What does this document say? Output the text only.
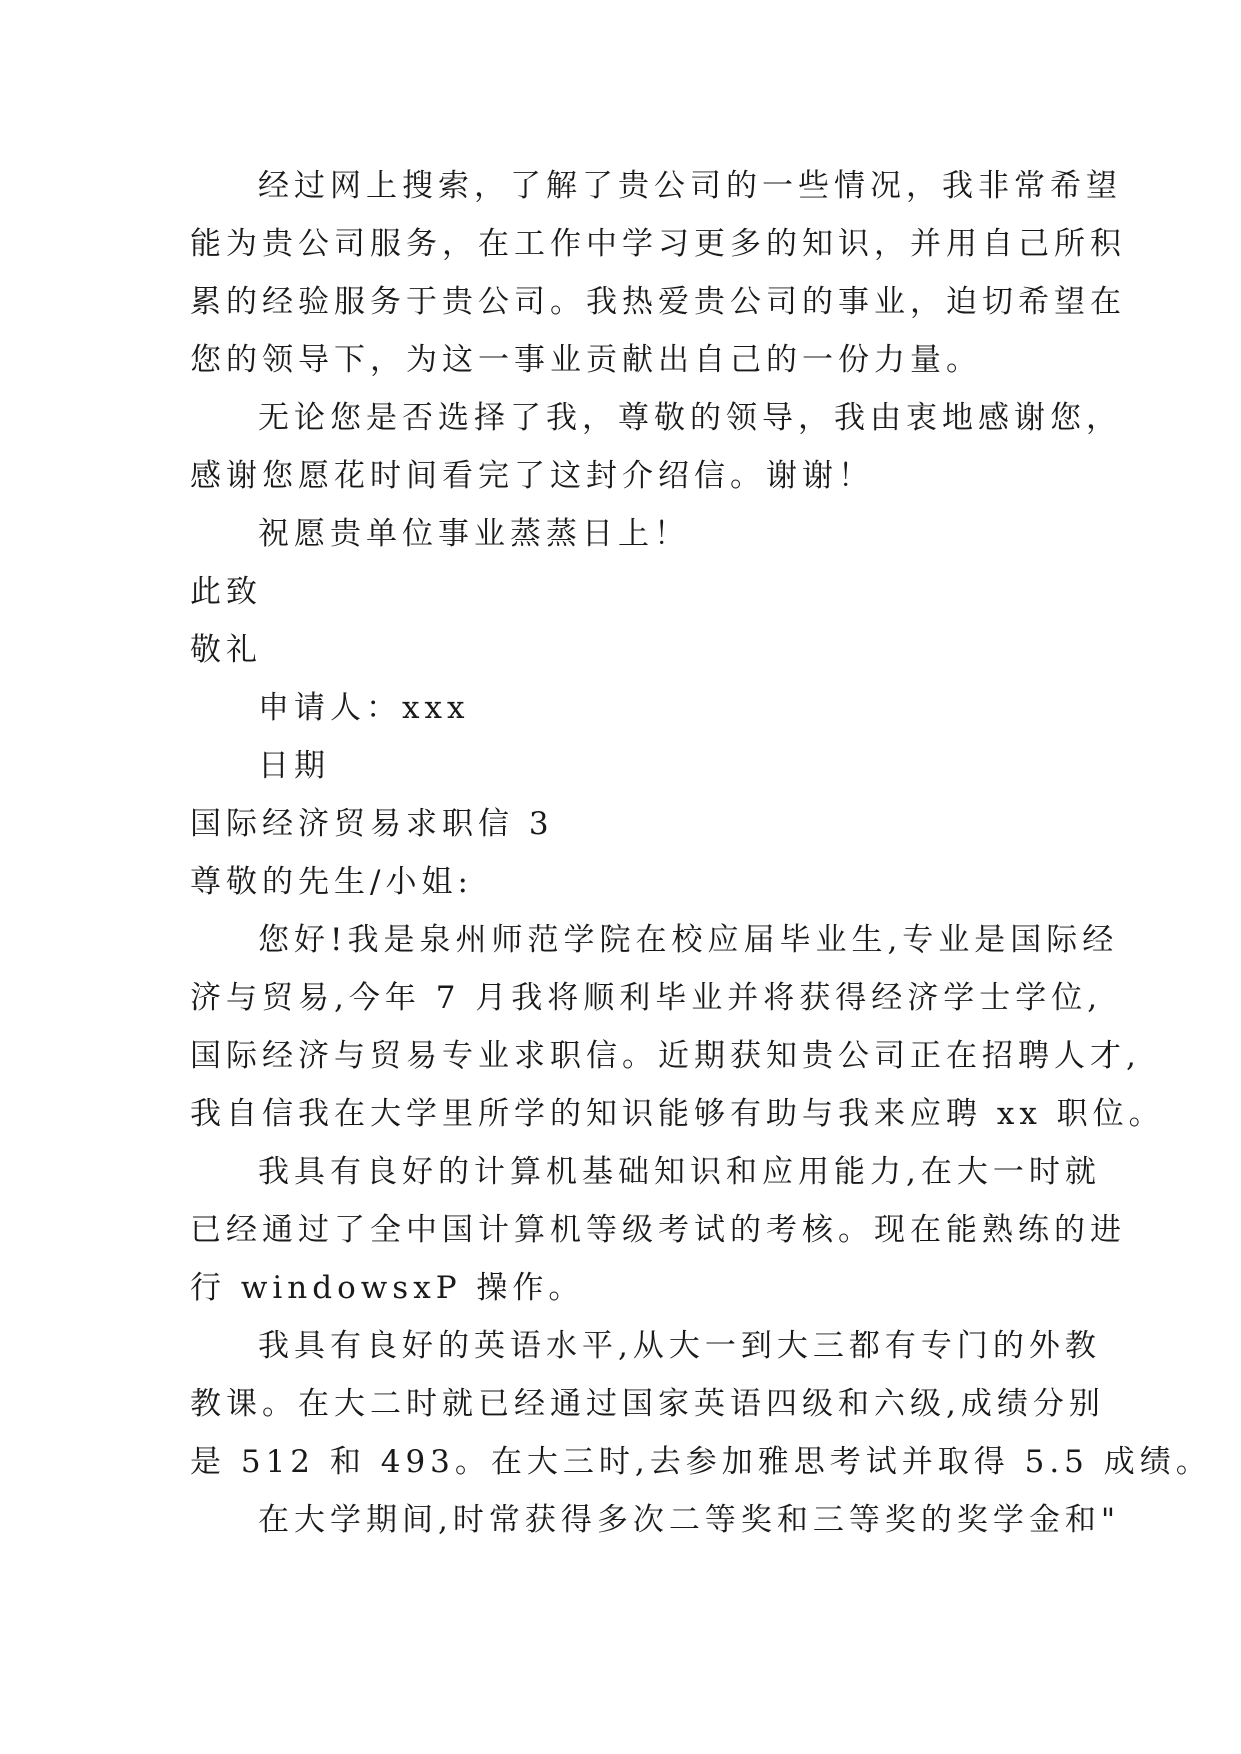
经过网上搜索，了解了贵公司的一些情况，我非常希望
能为贵公司服务，在工作中学习更多的知识，并用自己所积
累的经验服务于贵公司。我热爱贵公司的事业，迫切希望在
您的领导下，为这一事业贡献出自己的一份力量。
无论您是否选择了我，尊敬的领导，我由衷地感谢您，
感谢您愿花时间看完了这封介绍信。谢谢！
祝愿贵单位事业蒸蒸日上！
此致
敬礼
申请人：xxx
日期
国际经济贸易求职信 3
尊敬的先生/小姐:
您好!我是泉州师范学院在校应届毕业生,专业是国际经
济与贸易,今年 7 月我将顺利毕业并将获得经济学士学位,
国际经济与贸易专业求职信。近期获知贵公司正在招聘人才,
我自信我在大学里所学的知识能够有助与我来应聘 xx 职位。
我具有良好的计算机基础知识和应用能力,在大一时就
已经通过了全中国计算机等级考试的考核。现在能熟练的进
行 windowsxP 操作。
我具有良好的英语水平,从大一到大三都有专门的外教
教课。在大二时就已经通过国家英语四级和六级,成绩分别
是 512 和 493。在大三时,去参加雅思考试并取得 5.5 成绩。
在大学期间,时常获得多次二等奖和三等奖的奖学金和"
